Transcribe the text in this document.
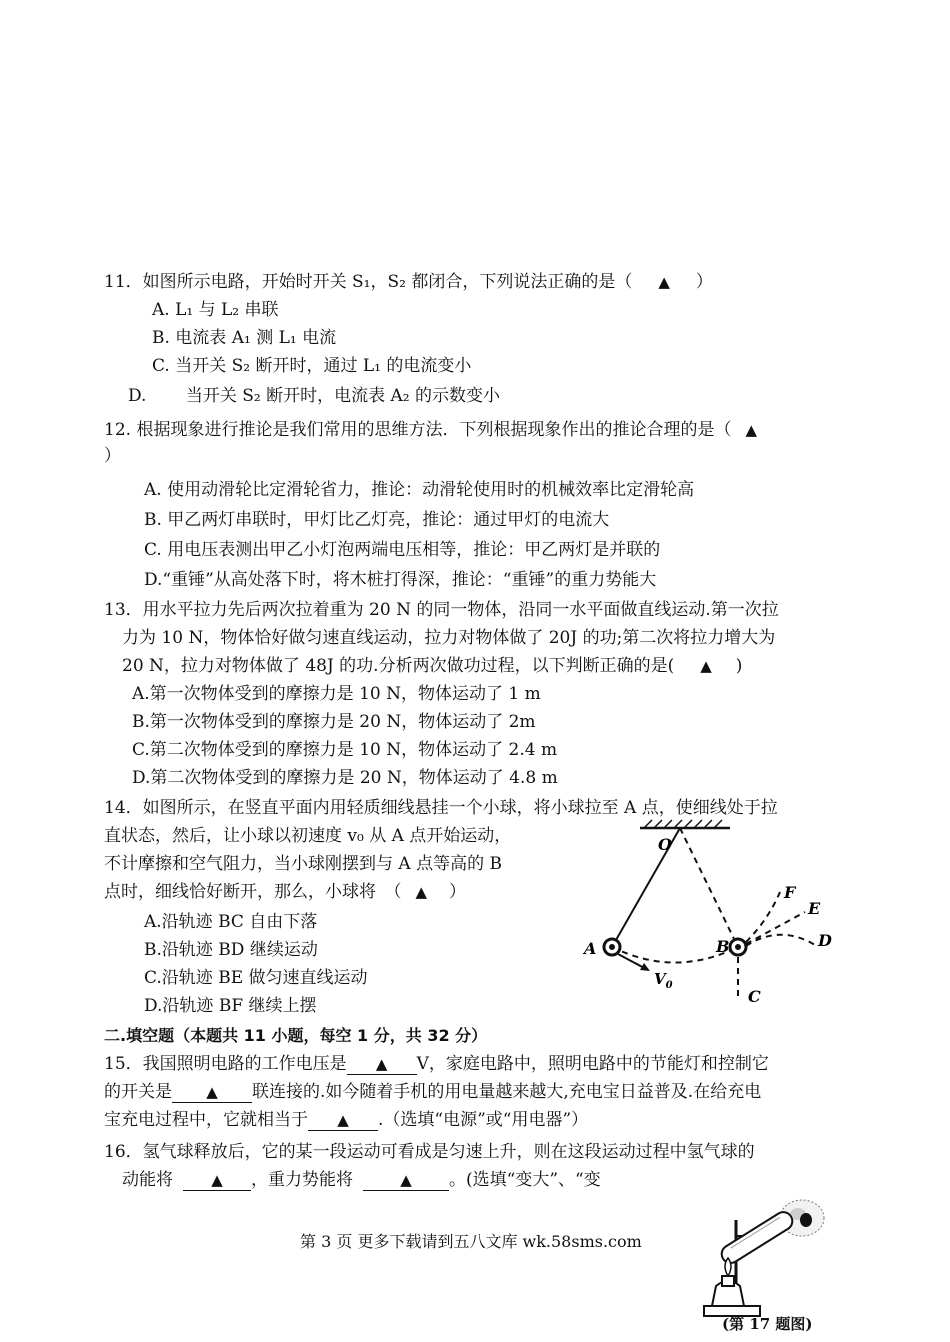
11．如图所示电路，开始时开关 S₁，S₂ 都闭合，下列说法正确的是（ ▲ ）
A. L₁ 与 L₂ 串联
B. 电流表 A₁ 测 L₁ 电流
C. 当开关 S₂ 断开时，通过 L₁ 的电流变小
D.　　 当开关 S₂ 断开时，电流表 A₂ 的示数变小
12. 根据现象进行推论是我们常用的思维方法．下列根据现象作出的推论合理的是（ ▲
）
A. 使用动滑轮比定滑轮省力，推论：动滑轮使用时的机械效率比定滑轮高
B. 甲乙两灯串联时，甲灯比乙灯亮，推论：通过甲灯的电流大
C. 用电压表测出甲乙小灯泡两端电压相等，推论：甲乙两灯是并联的
D.“重锤”从高处落下时，将木桩打得深，推论：“重锤”的重力势能大
13．用水平拉力先后两次拉着重为 20 N 的同一物体，沿同一水平面做直线运动.第一次拉
力为 10 N，物体恰好做匀速直线运动，拉力对物体做了 20J 的功;第二次将拉力增大为
20 N，拉力对物体做了 48J 的功.分析两次做功过程，以下判断正确的是( ▲ )
A.第一次物体受到的摩擦力是 10 N，物体运动了 1 m
B.第一次物体受到的摩擦力是 20 N，物体运动了 2m
C.第二次物体受到的摩擦力是 10 N，物体运动了 2.4 m
D.第二次物体受到的摩擦力是 20 N，物体运动了 4.8 m
14．如图所示，在竖直平面内用轻质细线悬挂一个小球，将小球拉至 A 点，使细线处于拉
直状态，然后，让小球以初速度 v₀ 从 A 点开始运动，
不计摩擦和空气阻力，当小球刚摆到与 A 点等高的 B
点时，细线恰好断开，那么，小球将　（ ▲ ）
A.沿轨迹 BC 自由下落
B.沿轨迹 BD 继续运动
C.沿轨迹 BE 做匀速直线运动
D.沿轨迹 BF 继续上摆
O
A	B
C
D
E
F
$V_0$
二.填空题（本题共 11 小题，每空 1 分，共 32 分）
15．我国照明电路的工作电压是 ▲ V，家庭电路中，照明电路中的节能灯和控制它
的开关是 ▲ 联连接的.如今随着手机的用电量越来越大,充电宝日益普及.在给充电
宝充电过程中，它就相当于 ▲ .（选填“电源”或“用电器”）
16．氢气球释放后，它的某一段运动可看成是匀速上升，则在这段运动过程中氢气球的
动能将	▲ ，重力势能将	▲ 。(选填“变大”、“变
第 3 页 更多下载请到五八文库 wk.58sms.com
(第 17 题图)
